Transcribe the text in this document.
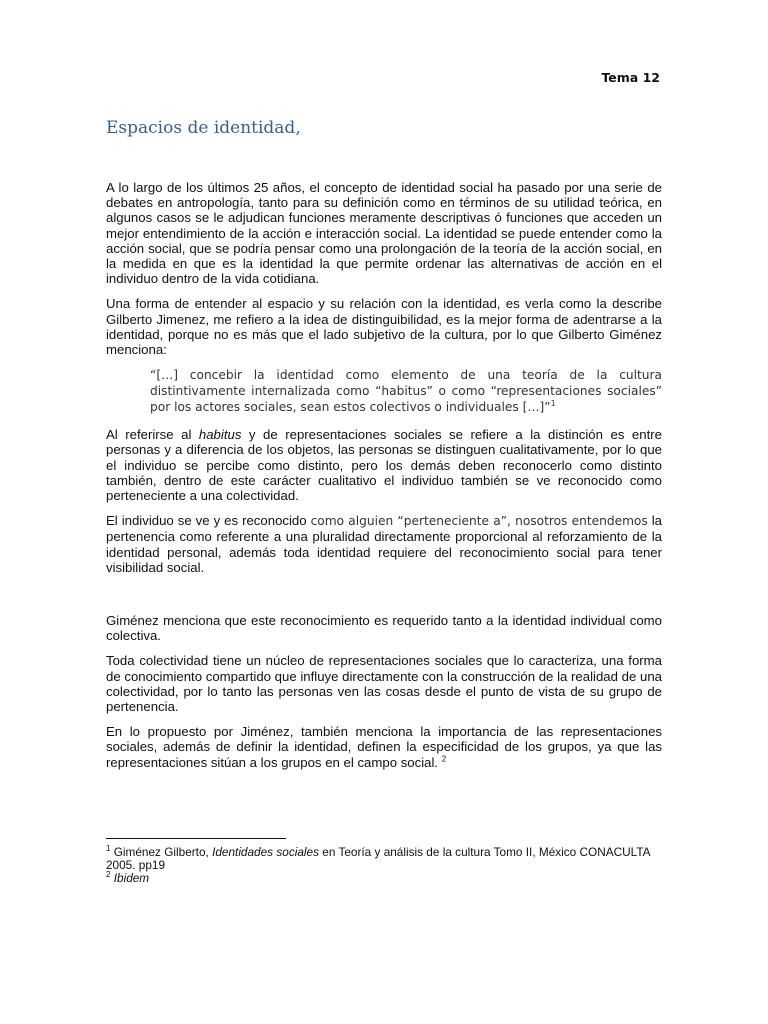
Tema 12
Espacios de identidad,

A lo largo de los últimos 25 años, el concepto de identidad social ha pasado por una serie de debates en antropología, tanto para su definición como en términos de su utilidad teórica, en algunos casos se le adjudican funciones meramente descriptivas ó funciones que acceden un mejor entendimiento de la acción e interacción social. La identidad se puede entender como la acción social, que se podría pensar como una prolongación de la teoría de la acción social, en la medida en que es la identidad la que permite ordenar las alternativas de acción en el individuo dentro de la vida cotidiana.

Una forma de entender al espacio y su relación con la identidad, es verla como la describe Gilberto Jimenez, me refiero a la idea de distinguibilidad, es la mejor forma de adentrarse a la identidad, porque no es más que el lado subjetivo de la cultura, por lo que Gilberto Giménez menciona:

“[…] concebir la identidad como elemento de una teoría de la cultura distintivamente internalizada como “habitus” o como “representaciones sociales” por los actores sociales, sean estos colectivos o individuales […]”$^1$

Al referirse al habitus y de representaciones sociales se refiere a la distinción es entre personas y a diferencia de los objetos, las personas se distinguen cualitativamente, por lo que el individuo se percibe como distinto, pero los demás deben reconocerlo como distinto también, dentro de este carácter cualitativo el individuo también se ve reconocido como perteneciente a una colectividad.

El individuo se ve y es reconocido como alguien “perteneciente a”, nosotros entendemos la pertenencia como referente a una pluralidad directamente proporcional al reforzamiento de la identidad personal, además toda identidad requiere del reconocimiento social para tener visibilidad social.

Giménez menciona que este reconocimiento es requerido tanto a la identidad individual como colectiva.

Toda colectividad tiene un núcleo de representaciones sociales que lo caracteriza, una forma de conocimiento compartido que influye directamente con la construcción de la realidad de una colectividad, por lo tanto las personas ven las cosas desde el punto de vista de su grupo de pertenencia.

En lo propuesto por Jiménez, también menciona la importancia de las representaciones sociales, además de definir la identidad, definen la especificidad de los grupos, ya que las representaciones sitúan a los grupos en el campo social. $^2$

$^1$ Giménez Gilberto, Identidades sociales en Teoría y análisis de la cultura Tomo II, México CONACULTA 2005. pp19
$^2$ Ibidem
